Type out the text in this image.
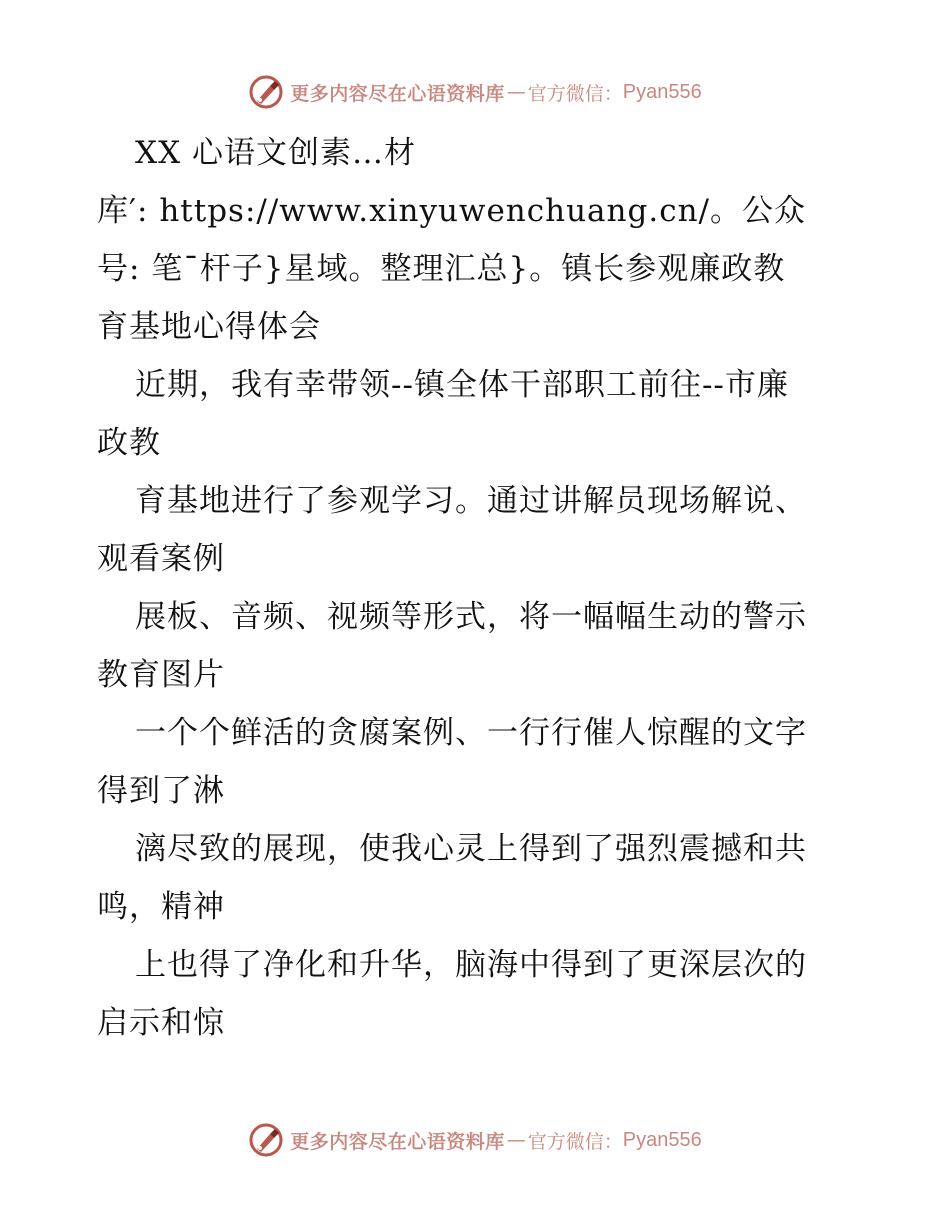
更多内容尽在心语资料库 — 官方微信： Pyan556
XX 心语文创素…材
库′: https://www.xinyuwenchuang.cn/。公众
号: 笔¯杆子}星域。整理汇总}。镇长参观廉政教
育基地心得体会
近期，我有幸带领--镇全体干部职工前往--市廉
政教
育基地进行了参观学习。通过讲解员现场解说、
观看案例
展板、音频、视频等形式，将一幅幅生动的警示
教育图片
一个个鲜活的贪腐案例、一行行催人惊醒的文字
得到了淋
漓尽致的展现，使我心灵上得到了强烈震撼和共
鸣，精神
上也得了净化和升华，脑海中得到了更深层次的
启示和惊
更多内容尽在心语资料库 — 官方微信： Pyan556
